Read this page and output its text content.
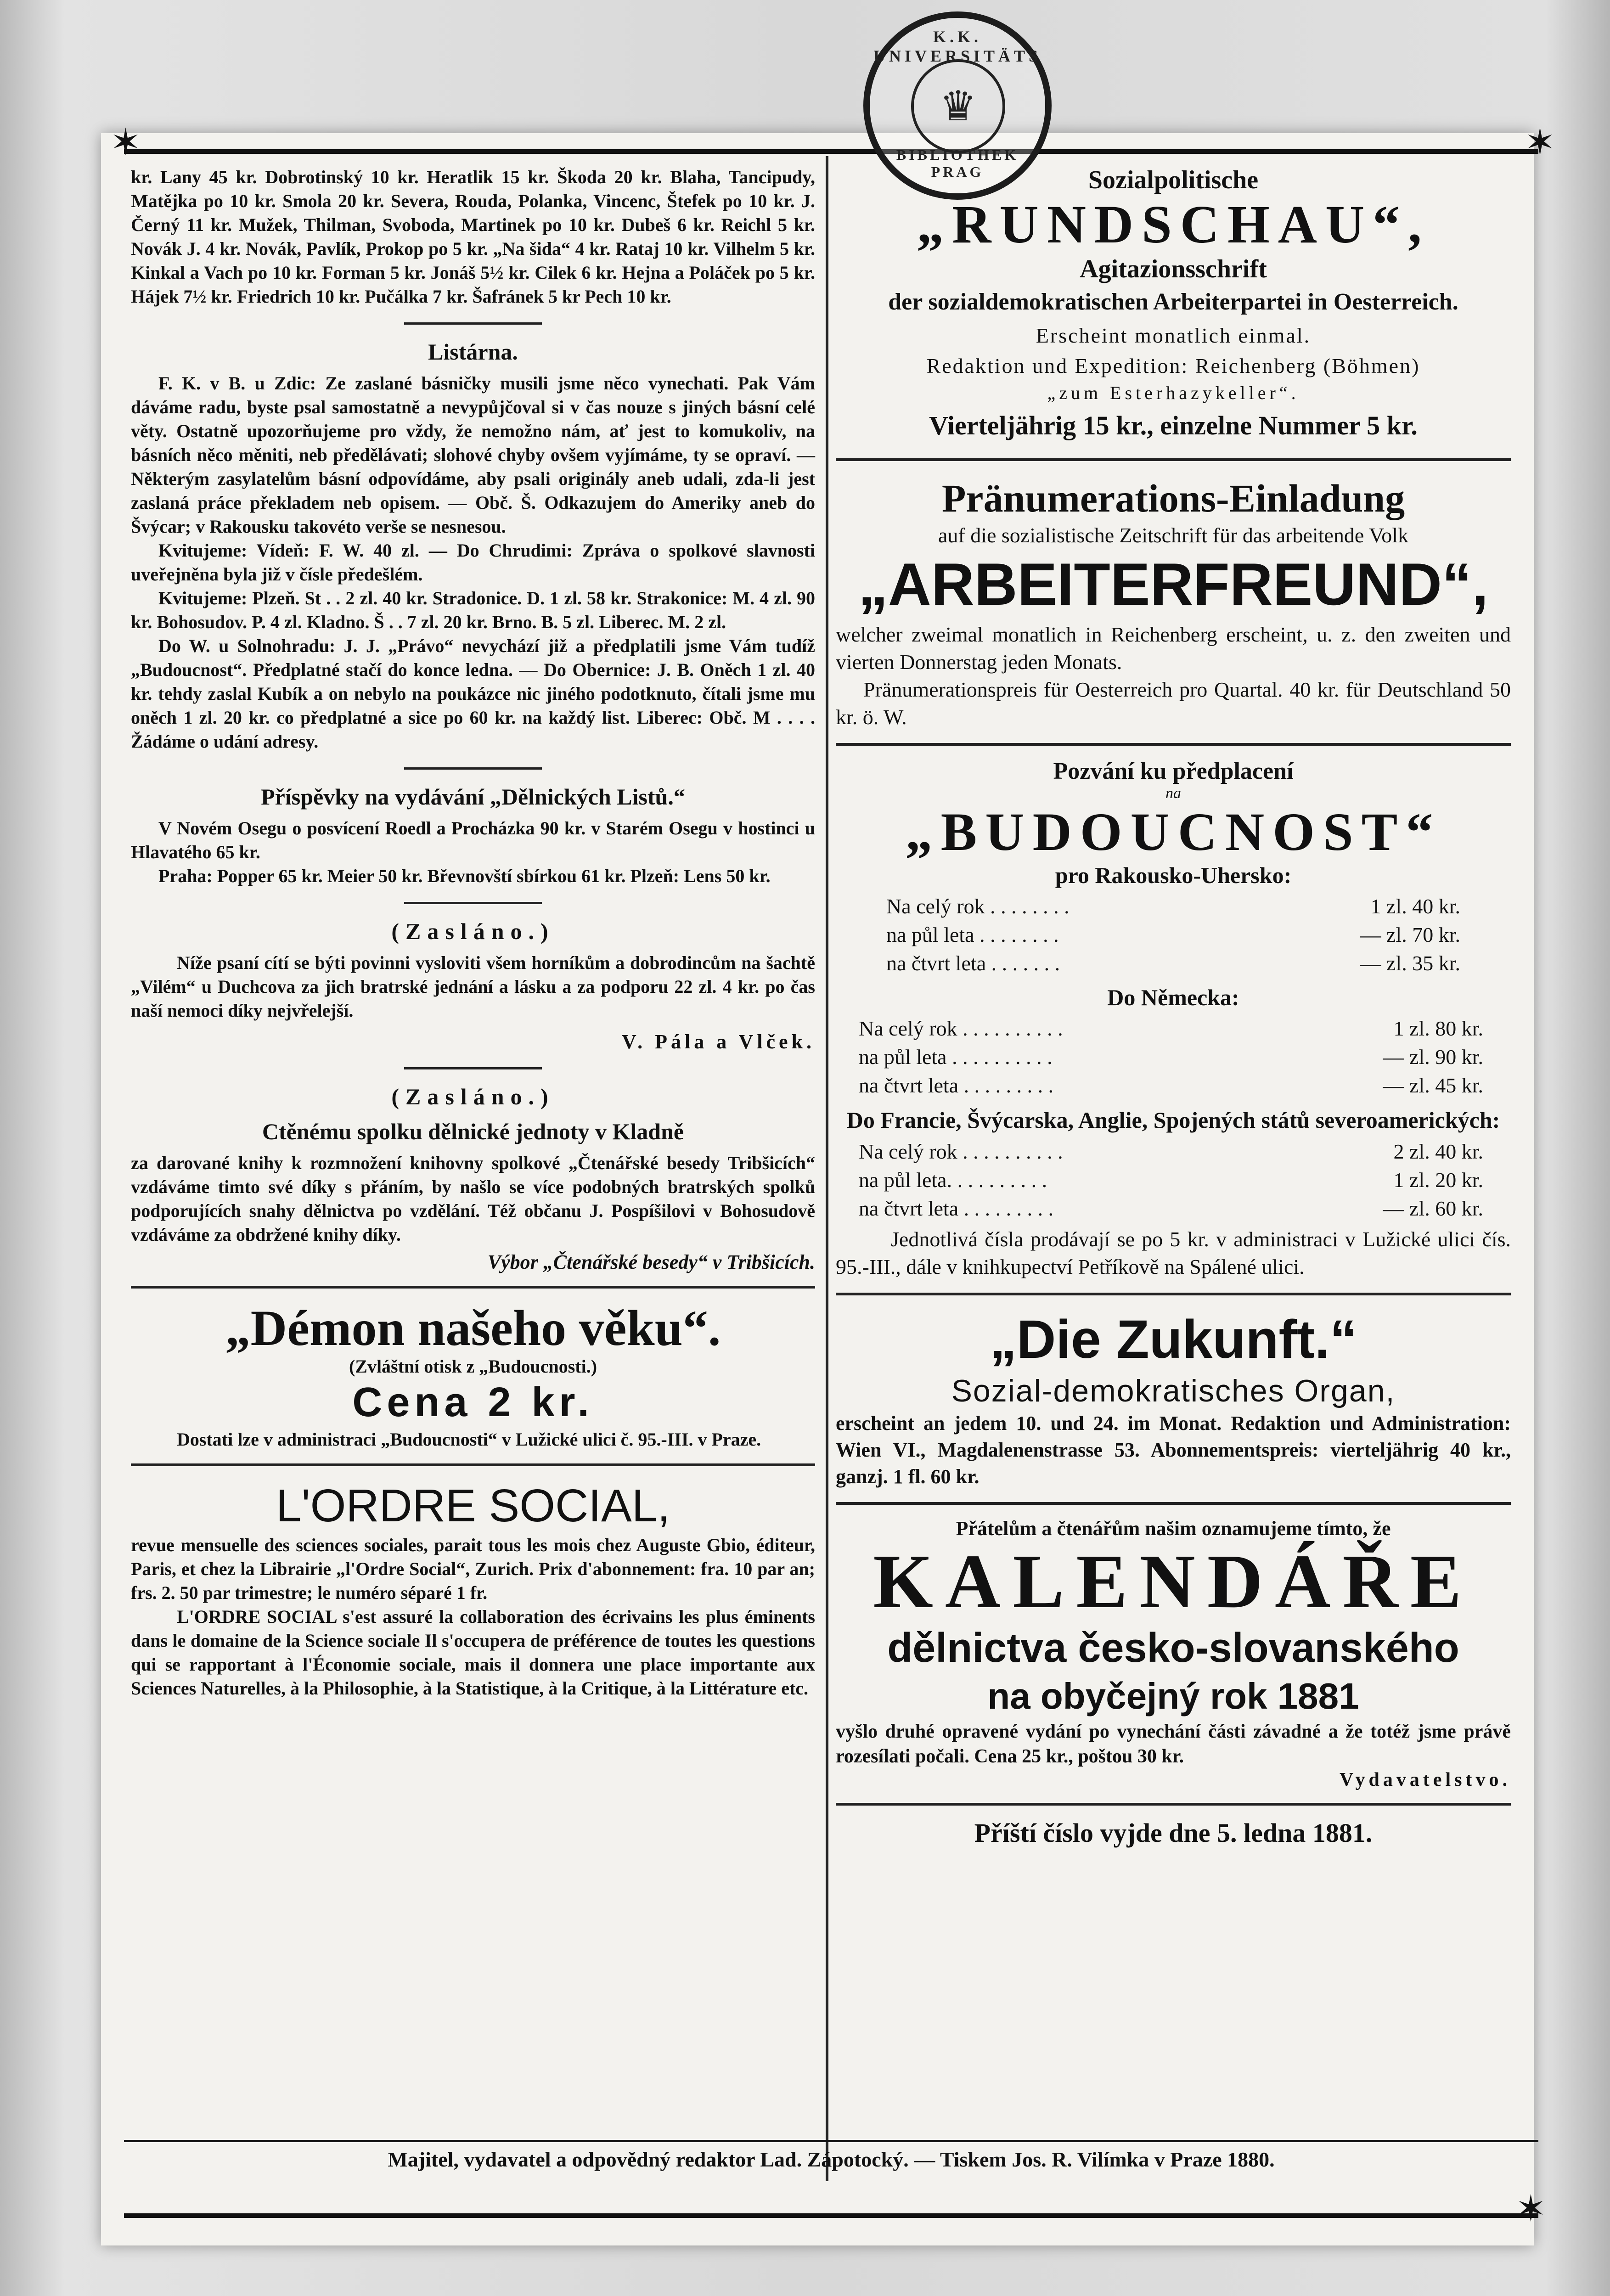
✶	✶
✶
K.K. UNIVERSITÄTS
♛
BIBLIOTHEK PRAG

kr. Lany 45 kr. Dobrotinský 10 kr. Heratlik 15 kr. Škoda 20 kr. Blaha, Tancipudy, Matějka po 10 kr. Smola 20 kr. Severa, Rouda, Polanka, Vincenc, Štefek po 10 kr. J. Černý 11 kr. Mužek, Thilman, Svoboda, Martinek po 10 kr. Dubeš 6 kr. Reichl 5 kr. Novák J. 4 kr. Novák, Pavlík, Prokop po 5 kr. „Na šida“ 4 kr. Rataj 10 kr. Vilhelm 5 kr. Kinkal a Vach po 10 kr. Forman 5 kr. Jonáš 5½ kr. Cilek 6 kr. Hejna a Poláček po 5 kr. Hájek 7½ kr. Friedrich 10 kr. Pučálka 7 kr. Šafránek 5 kr Pech 10 kr.

Listárna.

F. K. v B. u Zdic: Ze zaslané básničky musili jsme něco vynechati. Pak Vám dáváme radu, byste psal samostatně a nevypůjčoval si v čas nouze s jiných básní celé věty. Ostatně upozorňujeme pro vždy, že nemožno nám, ať jest to komukoliv, na básních něco měniti, neb předělávati; slohové chyby ovšem vyjímáme, ty se opraví. — Některým zasylatelům básní odpovídáme, aby psali originály aneb udali, zda-li jest zaslaná práce překladem neb opisem. — Obč. Š. Odkazujem do Ameriky aneb do Švýcar; v Rakousku takovéto verše se nesnesou.

Kvitujeme: Vídeň: F. W. 40 zl. — Do Chrudimi: Zpráva o spolkové slavnosti uveřejněna byla již v čísle předešlém.

Kvitujeme: Plzeň. St . . 2 zl. 40 kr. Stradonice. D. 1 zl. 58 kr. Strakonice: M. 4 zl. 90 kr. Bohosudov. P. 4 zl. Kladno. Š . . 7 zl. 20 kr. Brno. B. 5 zl. Liberec. M. 2 zl.

Do W. u Solnohradu: J. J. „Právo“ nevychází již a předplatili jsme Vám tudíž „Budoucnost“. Předplatné stačí do konce ledna. — Do Obernice: J. B. Oněch 1 zl. 40 kr. tehdy zaslal Kubík a on nebylo na poukázce nic jiného podotknuto, čítali jsme mu oněch 1 zl. 20 kr. co předplatné a sice po 60 kr. na každý list. Liberec: Obč. M . . . . Žádáme o udání adresy.

Příspěvky na vydávání „Dělnických Listů.“

V Novém Osegu o posvícení Roedl a Procházka 90 kr. v Starém Osegu v hostinci u Hlavatého 65 kr.

Praha: Popper 65 kr. Meier 50 kr. Břevnovští sbírkou 61 kr. Plzeň: Lens 50 kr.

(Zasláno.)

Níže psaní cítí se býti povinni vysloviti všem horníkům a dobrodincům na šachtě „Vilém“ u Duchcova za jich bratrské jednání a lásku a za podporu 22 zl. 4 kr. po čas naší nemoci díky nejvřelejší.

V. Pála a Vlček.
(Zasláno.)
Ctěnému spolku dělnické jednoty v Kladně

za darované knihy k rozmnožení knihovny spolkové „Čtenářské besedy Tribšicích“ vzdáváme timto své díky s přáním, by našlo se více podobných bratrských spolků podporujících snahy dělnictva po vzdělání. Též občanu J. Pospíšilovi v Bohosudově vzdáváme za obdržené knihy díky.

Výbor „Čtenářské besedy“ v Tribšicích.
„Démon našeho věku“.
(Zvláštní otisk z „Budoucnosti.)
Cena 2 kr.

Dostati lze v administraci „Budoucnosti“ v Lužické ulici č. 95.-III. v Praze.

L'ORDRE SOCIAL,

revue mensuelle des sciences sociales, parait tous les mois chez Auguste Gbio, éditeur, Paris, et chez la Librairie „l'Ordre Social“, Zurich. Prix d'abonnement: fra. 10 par an; frs. 2. 50 par trimestre; le numéro séparé 1 fr.

L'ORDRE SOCIAL s'est assuré la collaboration des écrivains les plus éminents dans le domaine de la Science sociale Il s'occupera de préférence de toutes les questions qui se rapportant à l'Économie sociale, mais il donnera une place importante aux Sciences Naturelles, à la Philosophie, à la Statistique, à la Critique, à la Littérature etc.

Sozialpolitische
„RUNDSCHAU“,
Agitazionsschrift
der sozialdemokratischen Arbeiterpartei in Oesterreich.
Erscheint monatlich einmal.
Redaktion und Expedition: Reichenberg (Böhmen)
„zum Esterhazykeller“.
Vierteljährig 15 kr., einzelne Nummer 5 kr.
Pränumerations-Einladung
auf die sozialistische Zeitschrift für das arbeitende Volk
„ARBEITERFREUND“,

welcher zweimal monatlich in Reichenberg erscheint, u. z. den zweiten und vierten Donnerstag jeden Monats.

Pränumerationspreis für Oesterreich pro Quartal. 40 kr. für Deutschland 50 kr. ö. W.

Pozvání ku předplacení
na
„BUDOUCNOST“
pro Rakousko-Uhersko:
Na celý rok . . . . . . . .	1 zl. 40 kr.
na půl leta . . . . . . . .	— zl. 70 kr.
na čtvrt leta . . . . . . .	— zl. 35 kr.
Do Německa:
Na celý rok . . . . . . . . . .	1 zl. 80 kr.
na půl leta . . . . . . . . . .	— zl. 90 kr.
na čtvrt leta . . . . . . . . .	— zl. 45 kr.
Do Francie, Švýcarska, Anglie, Spojených států severoamerických:
Na celý rok . . . . . . . . . .	2 zl. 40 kr.
na půl leta. . . . . . . . . .	1 zl. 20 kr.
na čtvrt leta . . . . . . . . .	— zl. 60 kr.

Jednotlivá čísla prodávají se po 5 kr. v administraci v Lužické ulici čís. 95.-III., dále v knihkupectví Petříkově na Spálené ulici.

„Die Zukunft.“
Sozial-demokratisches Organ,

erscheint an jedem 10. und 24. im Monat. Redaktion und Administration: Wien VI., Magdalenenstrasse 53. Abonnementspreis: vierteljährig 40 kr., ganzj. 1 fl. 60 kr.

Přátelům a čtenářům našim oznamujeme tímto, že
KALENDÁŘE
dělnictva česko-slovanského
na obyčejný rok 1881

vyšlo druhé opravené vydání po vynechání části závadné a že totéž jsme právě rozesílati počali. Cena 25 kr., poštou 30 kr.

Vydavatelstvo.
Příští číslo vyjde dne 5. ledna 1881.
Majitel, vydavatel a odpovědný redaktor Lad. Zápotocký. — Tiskem Jos. R. Vilímka v Praze 1880.
